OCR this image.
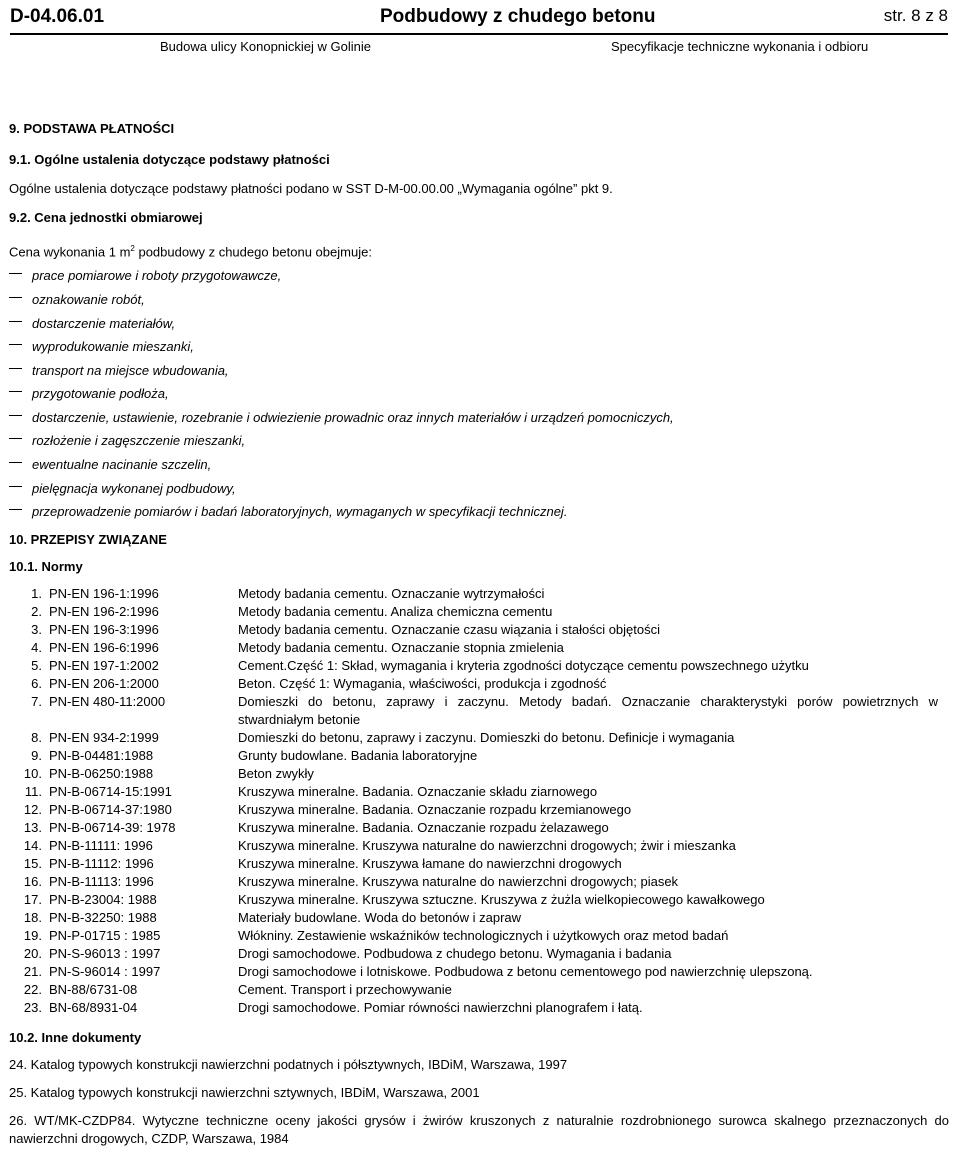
D-04.06.01	Podbudowy z chudego betonu	str. 8 z 8
Budowa ulicy Konopnickiej w Golinie	Specyfikacje techniczne wykonania i odbioru
9. PODSTAWA PŁATNOŚCI
9.1. Ogólne ustalenia dotyczące podstawy płatności
Ogólne ustalenia dotyczące podstawy płatności podano w SST D-M-00.00.00 „Wymagania ogólne” pkt 9.
9.2. Cena jednostki obmiarowej
Cena wykonania 1 $m^2$ podbudowy z chudego betonu obejmuje:
prace pomiarowe i roboty przygotowawcze,
oznakowanie robót,
dostarczenie materiałów,
wyprodukowanie mieszanki,
transport na miejsce wbudowania,
przygotowanie podłoża,
dostarczenie, ustawienie, rozebranie i odwiezienie prowadnic oraz innych materiałów i urządzeń pomocniczych,
rozłożenie i zagęszczenie mieszanki,
ewentualne nacinanie szczelin,
pielęgnacja wykonanej podbudowy,
przeprowadzenie pomiarów i badań laboratoryjnych, wymaganych w specyfikacji technicznej.
10. PRZEPISY ZWIĄZANE
10.1. Normy
1. PN-EN 196-1:1996	Metody badania cementu. Oznaczanie wytrzymałości
2. PN-EN 196-2:1996	Metody badania cementu. Analiza chemiczna cementu
3. PN-EN 196-3:1996	Metody badania cementu. Oznaczanie czasu wiązania i stałości objętości
4. PN-EN 196-6:1996	Metody badania cementu. Oznaczanie stopnia zmielenia
5. PN-EN 197-1:2002	Cement.Część 1: Skład, wymagania i kryteria zgodności dotyczące cementu powszechnego użytku
6. PN-EN 206-1:2000	Beton. Część 1: Wymagania, właściwości, produkcja i zgodność
7. PN-EN 480-11:2000	Domieszki do betonu, zaprawy i zaczynu. Metody badań. Oznaczanie charakterystyki porów powietrznych w stwardniałym betonie
8. PN-EN 934-2:1999	Domieszki do betonu, zaprawy i zaczynu. Domieszki do betonu. Definicje i wymagania
9. PN-B-04481:1988	Grunty budowlane. Badania laboratoryjne
10. PN-B-06250:1988	Beton zwykły
11. PN-B-06714-15:1991	Kruszywa mineralne. Badania. Oznaczanie składu ziarnowego
12. PN-B-06714-37:1980	Kruszywa mineralne. Badania. Oznaczanie rozpadu krzemianowego
13. PN-B-06714-39: 1978	Kruszywa mineralne. Badania. Oznaczanie rozpadu żelazawego
14. PN-B-11111: 1996	Kruszywa mineralne. Kruszywa naturalne do nawierzchni drogowych; żwir i mieszanka
15. PN-B-11112: 1996	Kruszywa mineralne. Kruszywa łamane do nawierzchni drogowych
16. PN-B-11113: 1996	Kruszywa mineralne. Kruszywa naturalne do nawierzchni drogowych; piasek
17. PN-B-23004: 1988	Kruszywa mineralne. Kruszywa sztuczne. Kruszywa z żużla wielkopiecowego kawałkowego
18. PN-B-32250: 1988	Materiały budowlane. Woda do betonów i zapraw
19. PN-P-01715 : 1985	Włókniny. Zestawienie wskaźników technologicznych i użytkowych oraz metod badań
20. PN-S-96013 : 1997	Drogi samochodowe. Podbudowa z chudego betonu. Wymagania i badania
21. PN-S-96014 : 1997	Drogi samochodowe i lotniskowe. Podbudowa z betonu cementowego pod nawierzchnię ulepszoną.
22. BN-88/6731-08	Cement. Transport i przechowywanie
23. BN-68/8931-04	Drogi samochodowe. Pomiar równości nawierzchni planografem i łatą.
10.2. Inne dokumenty

24. Katalog typowych konstrukcji nawierzchni podatnych i półsztywnych, IBDiM, Warszawa, 1997

25. Katalog typowych konstrukcji nawierzchni sztywnych, IBDiM, Warszawa, 2001

26. WT/MK-CZDP84. Wytyczne techniczne oceny jakości grysów i żwirów kruszonych z naturalnie rozdrobnionego surowca skalnego przeznaczonych do nawierzchni drogowych, CZDP, Warszawa, 1984
